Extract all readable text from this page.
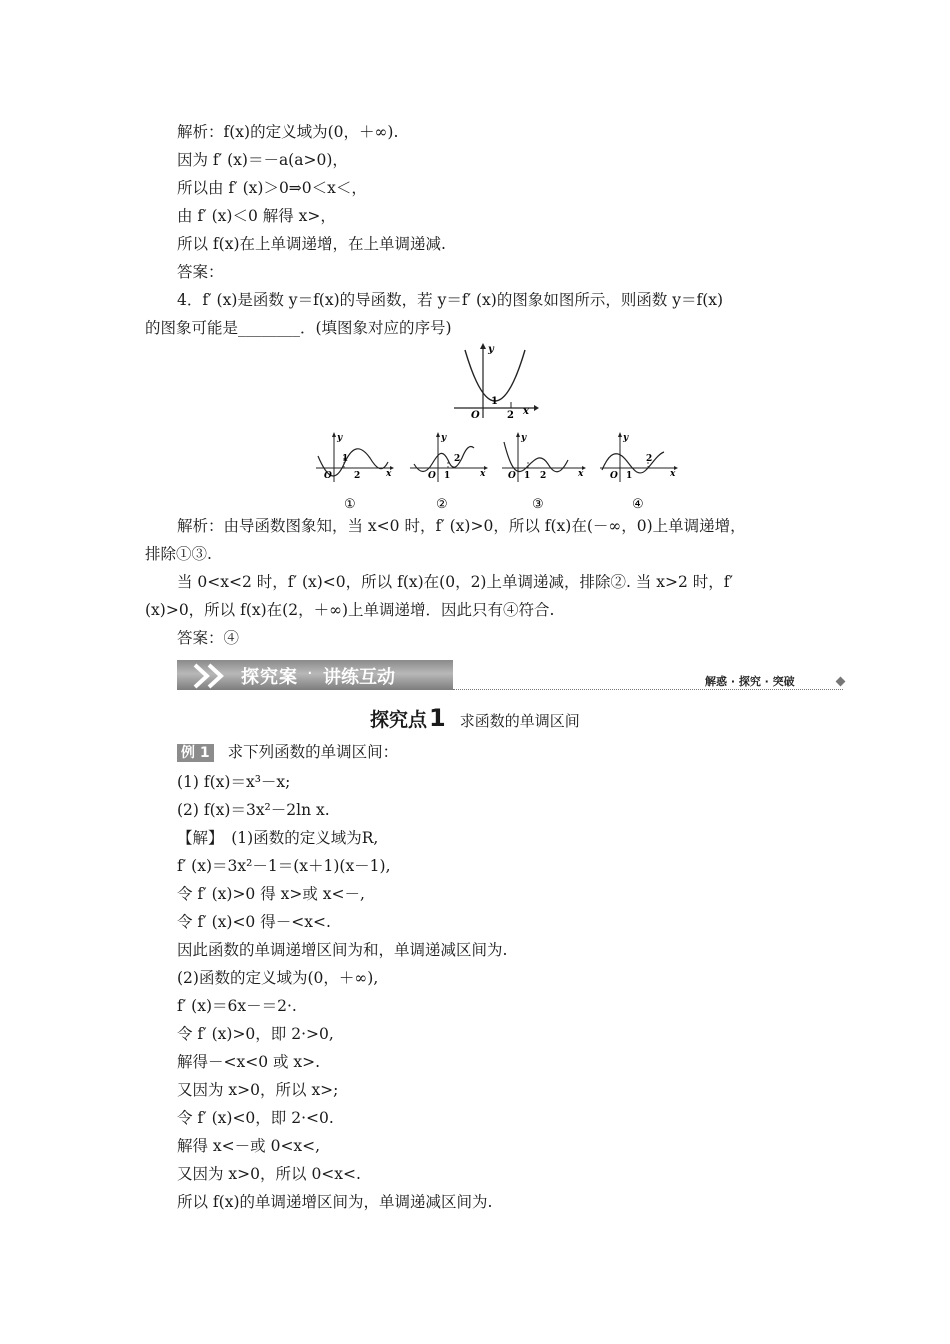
解析：f(x)的定义域为(0，＋∞).
因为 f′ (x)＝－a(a>0)，
所以由 f′ (x)＞0⇒0＜x＜，
由 f′ (x)＜0 解得 x>，
所以 f(x)在上单调递增，在上单调递减.
答案：
4．f′ (x)是函数 y＝f(x)的导函数，若 y＝f′ (x)的图象如图所示，则函数 y＝f(x)
的图象可能是________．(填图象对应的序号)
y
O
1
2 x
y
1
O 2	x
①
y
2
O 1	x
②
y
O 1 2	x
③
y
2
O 1	x
④
解析：由导函数图象知，当 x<0 时，f′ (x)>0，所以 f(x)在(－∞，0)上单调递增，
排除①③.
当 0<x<2 时，f′ (x)<0，所以 f(x)在(0，2)上单调递减，排除②. 当 x>2 时，f′
(x)>0，所以 f(x)在(2，＋∞)上单调递增．因此只有④符合.
答案：④
探究案 · 讲练互动	解惑 · 探究 · 突破
探究点1 求函数的单调区间
例 1 求下列函数的单调区间：
(1) f(x)＝x³－x;
(2) f(x)＝3x²－2ln x.
【解】　(1)函数的定义域为R,
f′ (x)＝3x²－1＝(x＋1)(x－1),
令 f′ (x)>0 得 x>或 x<－,
令 f′ (x)<0 得－<x<.
因此函数的单调递增区间为和，单调递减区间为.
(2)函数的定义域为(0，＋∞),
f′ (x)＝6x－＝2·.
令 f′ (x)>0，即 2·>0,
解得－<x<0 或 x>.
又因为 x>0，所以 x>;
令 f′ (x)<0，即 2·<0.
解得 x<－或 0<x<,
又因为 x>0，所以 0<x<.
所以 f(x)的单调递增区间为，单调递减区间为.
